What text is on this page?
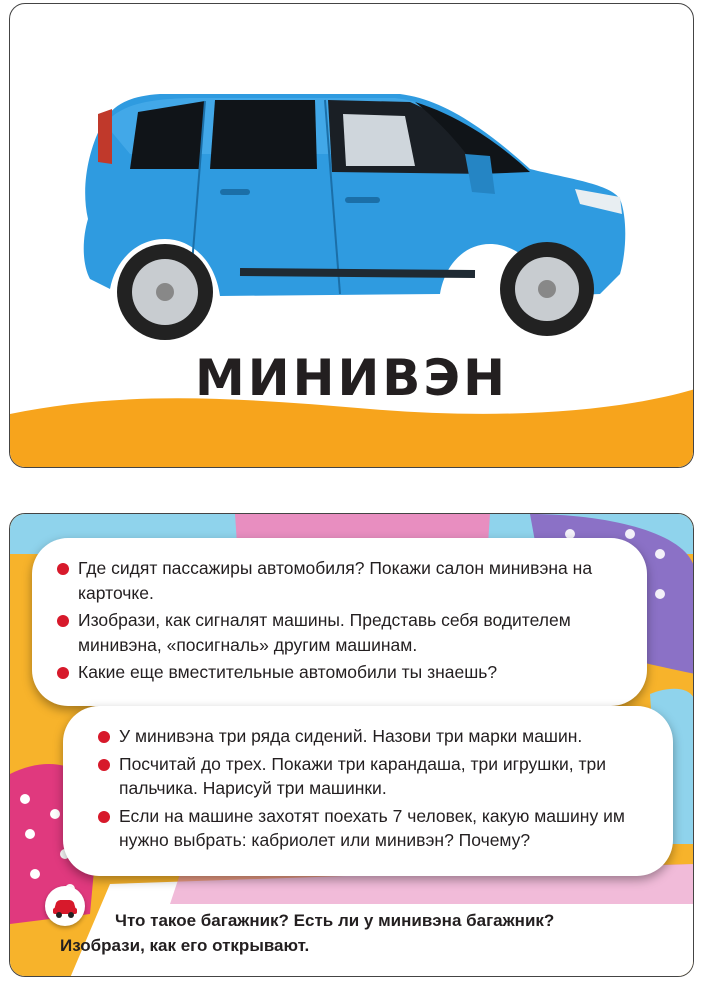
МИНИВЭН
Где сидят пассажиры автомобиля? Покажи салон минивэна на карточке.
Изобрази, как сигналят машины. Представь себя водителем минивэна, «посигналь» другим машинам.
Какие еще вместительные автомобили ты знаешь?
У минивэна три ряда сидений. Назови три марки машин.
Посчитай до трех. Покажи три карандаша, три игрушки, три пальчика. Нарисуй три машинки.
Если на машине захотят поехать 7 человек, какую машину им нужно выбрать: кабриолет или минивэн? Почему?
Что такое багажник? Есть ли у минивэна багажник?
Изобрази, как его открывают.
